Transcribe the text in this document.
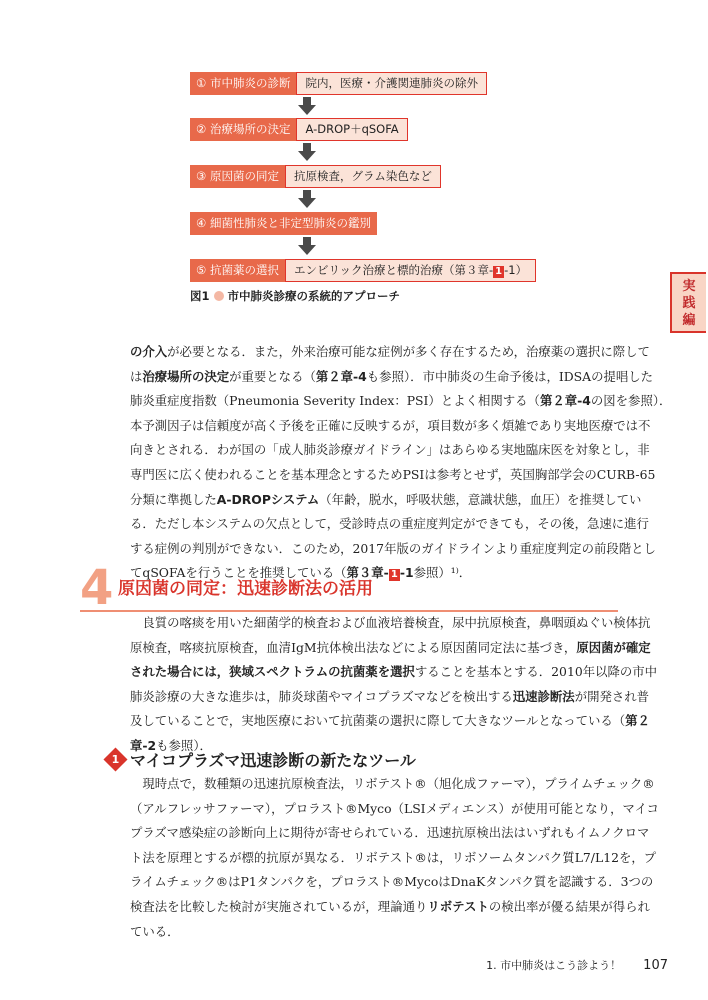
① 市中肺炎の診断	院内，医療・介護関連肺炎の除外
② 治療場所の決定	A-DROP＋qSOFA
③ 原因菌の同定	抗原検査，グラム染色など
④ 細菌性肺炎と非定型肺炎の鑑別
⑤ 抗菌薬の選択	エンビリック治療と標的治療（第３章- 1 -1）
図1 市中肺炎診療の系統的アプローチ
実践編
の介入が必要となる．また，外来治療可能な症例が多く存在するため，治療薬の選択に際して
は治療場所の決定が重要となる（第２章-4も参照）．市中肺炎の生命予後は，IDSAの提唱した
肺炎重症度指数（Pneumonia Severity Index：PSI）とよく相関する（第２章-4の図を参照）．
本予測因子は信頼度が高く予後を正確に反映するが，項目数が多く煩雑であり実地医療では不
向きとされる．わが国の「成人肺炎診療ガイドライン」はあらゆる実地臨床医を対象とし，非
専門医に広く使われることを基本理念とするためPSIは参考とせず，英国胸部学会のCURB-65
分類に準拠したA-DROPシステム（年齢，脱水，呼吸状態，意識状態，血圧）を推奨してい
る．ただし本システムの欠点として，受診時点の重症度判定ができても，その後，急速に進行
する症例の判別ができない．このため，2017年版のガイドラインより重症度判定の前段階とし
てqSOFAを行うことを推奨している（第３章- 1 -1参照）¹⁾．
4 原因菌の同定：迅速診断法の活用
　良質の喀痰を用いた細菌学的検査および血液培養検査，尿中抗原検査，鼻咽頭ぬぐい検体抗
原検査，喀痰抗原検査，血清IgM抗体検出法などによる原因菌同定法に基づき，原因菌が確定
された場合には，狭域スペクトラムの抗菌薬を選択することを基本とする．2010年以降の市中
肺炎診療の大きな進歩は，肺炎球菌やマイコプラズマなどを検出する迅速診断法が開発され普
及していることで，実地医療において抗菌薬の選択に際して大きなツールとなっている（第２
章-2も参照）．
1 マイコプラズマ迅速診断の新たなツール
　現時点で，数種類の迅速抗原検査法，リボテスト®（旭化成ファーマ），プライムチェック®
（アルフレッサファーマ），プロラスト®Myco（LSIメディエンス）が使用可能となり，マイコ
プラズマ感染症の診断向上に期待が寄せられている．迅速抗原検出法はいずれもイムノクロマ
ト法を原理とするが標的抗原が異なる．リボテスト®は，リボソームタンパク質L7/L12を，プ
ライムチェック®はP1タンパクを，プロラスト®MycoはDnaKタンパク質を認識する．3つの
検査法を比較した検討が実施されているが，理論通りリボテストの検出率が優る結果が得られ
ている．
1. 市中肺炎はこう診よう！ 107
